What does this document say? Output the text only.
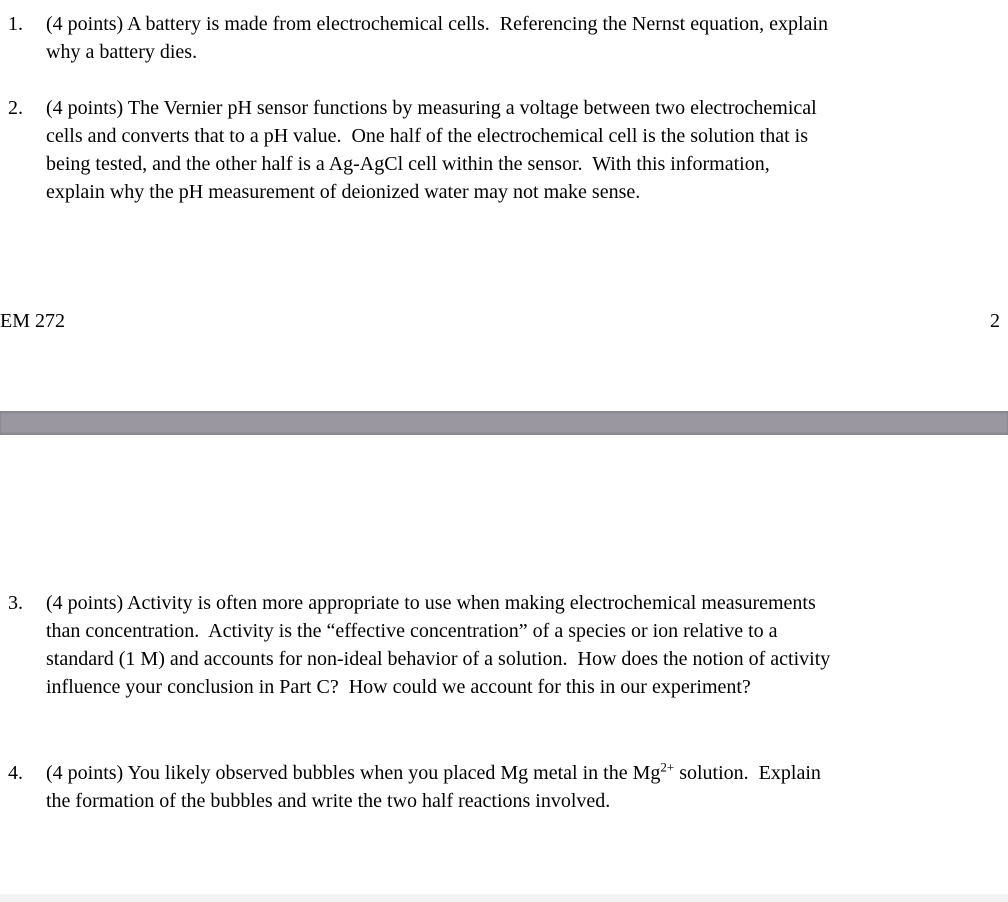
1.	(4 points) A battery is made from electrochemical cells.  Referencing the Nernst equation, explain
why a battery dies.
2.	(4 points) The Vernier pH sensor functions by measuring a voltage between two electrochemical
cells and converts that to a pH value.  One half of the electrochemical cell is the solution that is
being tested, and the other half is a Ag-AgCl cell within the sensor.  With this information,
explain why the pH measurement of deionized water may not make sense.
EM 272	2
3.	(4 points) Activity is often more appropriate to use when making electrochemical measurements
than concentration.  Activity is the “effective concentration” of a species or ion relative to a
standard (1 M) and accounts for non-ideal behavior of a solution.  How does the notion of activity
influence your conclusion in Part C?  How could we account for this in our experiment?
4.	(4 points) You likely observed bubbles when you placed Mg metal in the $Mg^{2+}$ solution.  Explain
the formation of the bubbles and write the two half reactions involved.
